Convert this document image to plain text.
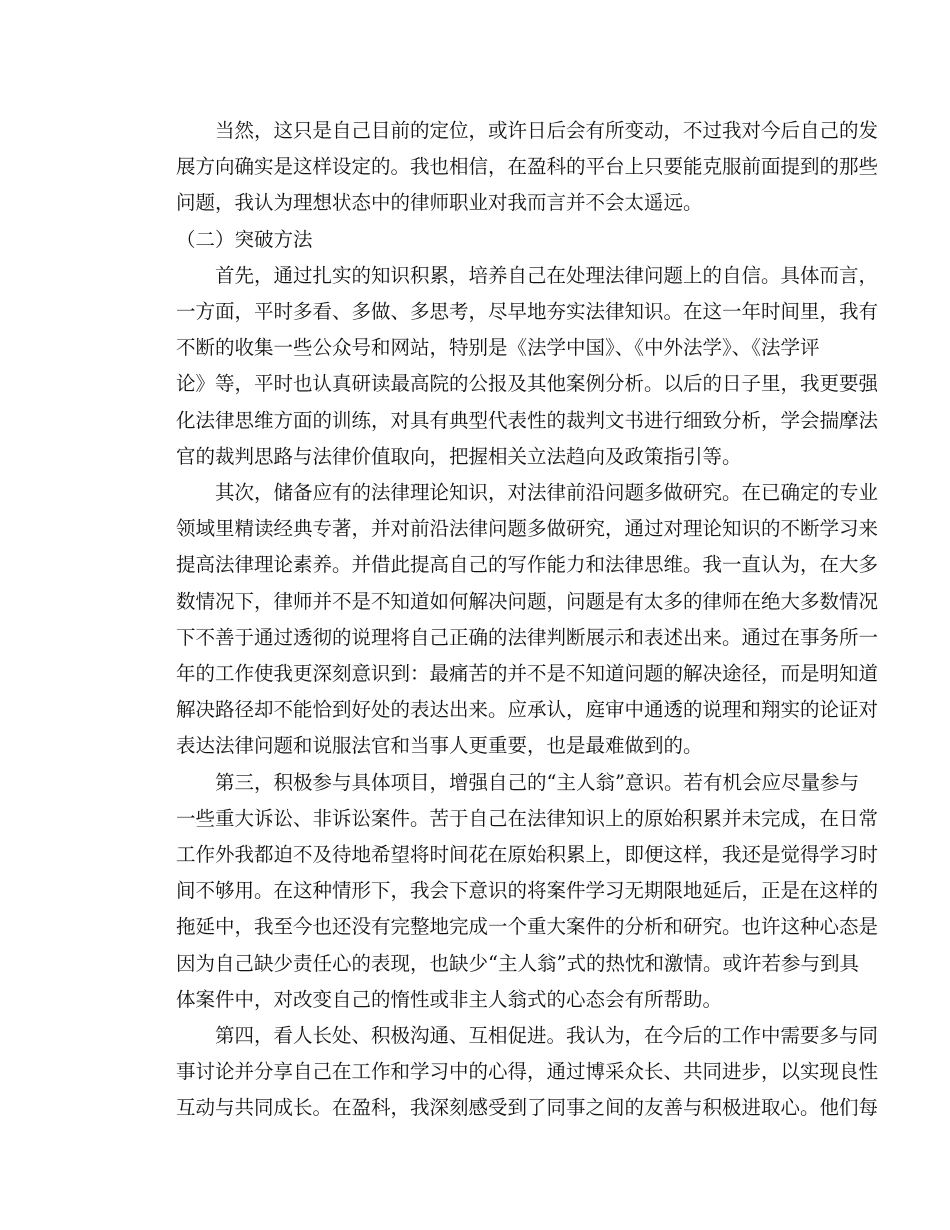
当然，这只是自己目前的定位，或许日后会有所变动，不过我对今后自己的发
展方向确实是这样设定的。我也相信，在盈科的平台上只要能克服前面提到的那些
问题，我认为理想状态中的律师职业对我而言并不会太遥远。
（二）突破方法
首先，通过扎实的知识积累，培养自己在处理法律问题上的自信。具体而言，
一方面，平时多看、多做、多思考，尽早地夯实法律知识。在这一年时间里，我有
不断的收集一些公众号和网站，特别是《法学中国》、《中外法学》、《法学评
论》等，平时也认真研读最高院的公报及其他案例分析。以后的日子里，我更要强
化法律思维方面的训练，对具有典型代表性的裁判文书进行细致分析，学会揣摩法
官的裁判思路与法律价值取向，把握相关立法趋向及政策指引等。
其次，储备应有的法律理论知识，对法律前沿问题多做研究。在已确定的专业
领域里精读经典专著，并对前沿法律问题多做研究，通过对理论知识的不断学习来
提高法律理论素养。并借此提高自己的写作能力和法律思维。我一直认为，在大多
数情况下，律师并不是不知道如何解决问题，问题是有太多的律师在绝大多数情况
下不善于通过透彻的说理将自己正确的法律判断展示和表述出来。通过在事务所一
年的工作使我更深刻意识到：最痛苦的并不是不知道问题的解决途径，而是明知道
解决路径却不能恰到好处的表达出来。应承认，庭审中通透的说理和翔实的论证对
表达法律问题和说服法官和当事人更重要，也是最难做到的。
第三，积极参与具体项目，增强自己的“主人翁”意识。若有机会应尽量参与
一些重大诉讼、非诉讼案件。苦于自己在法律知识上的原始积累并未完成，在日常
工作外我都迫不及待地希望将时间花在原始积累上，即便这样，我还是觉得学习时
间不够用。在这种情形下，我会下意识的将案件学习无期限地延后，正是在这样的
拖延中，我至今也还没有完整地完成一个重大案件的分析和研究。也许这种心态是
因为自己缺少责任心的表现，也缺少“主人翁”式的热忱和激情。或许若参与到具
体案件中，对改变自己的惰性或非主人翁式的心态会有所帮助。
第四，看人长处、积极沟通、互相促进。我认为，在今后的工作中需要多与同
事讨论并分享自己在工作和学习中的心得，通过博采众长、共同进步，以实现良性
互动与共同成长。在盈科，我深刻感受到了同事之间的友善与积极进取心。他们每
